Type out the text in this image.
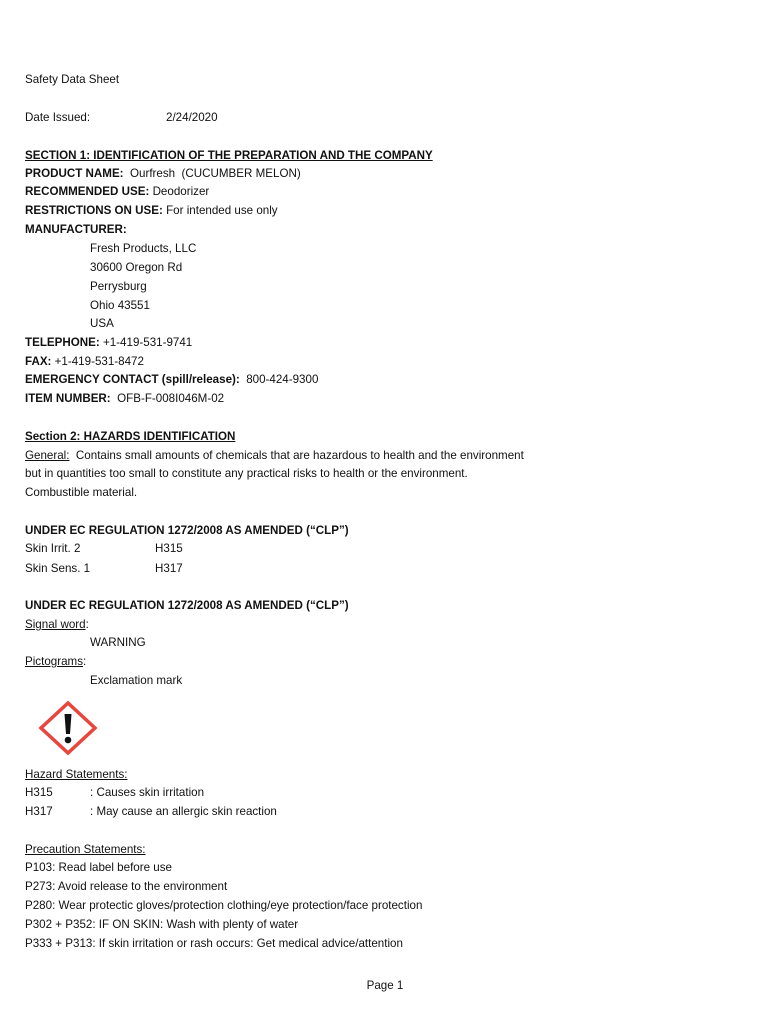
Safety Data Sheet
Date Issued:	2/24/2020
SECTION 1: IDENTIFICATION OF THE PREPARATION AND THE COMPANY
PRODUCT NAME: Ourfresh  (CUCUMBER MELON)
RECOMMENDED USE: Deodorizer
RESTRICTIONS ON USE: For intended use only
MANUFACTURER:
Fresh Products, LLC
30600 Oregon Rd
Perrysburg
Ohio 43551
USA
TELEPHONE: +1-419-531-9741
FAX: +1-419-531-8472
EMERGENCY CONTACT (spill/release): 800-424-9300
ITEM NUMBER: OFB-F-008I046M-02
Section 2: HAZARDS IDENTIFICATION
General: Contains small amounts of chemicals that are hazardous to health and the environment
but in quantities too small to constitute any practical risks to health or the environment.
Combustible material.
UNDER EC REGULATION 1272/2008 AS AMENDED (“CLP”)
Skin Irrit. 2	H315
Skin Sens. 1	H317
UNDER EC REGULATION 1272/2008 AS AMENDED (“CLP”)
Signal word:
WARNING
Pictograms:
Exclamation mark
Hazard Statements:
H315	: Causes skin irritation
H317	: May cause an allergic skin reaction
Precaution Statements:
P103: Read label before use
P273: Avoid release to the environment
P280: Wear protectic gloves/protection clothing/eye protection/face protection
P302 + P352: IF ON SKIN: Wash with plenty of water
P333 + P313: If skin irritation or rash occurs: Get medical advice/attention
Page 1
